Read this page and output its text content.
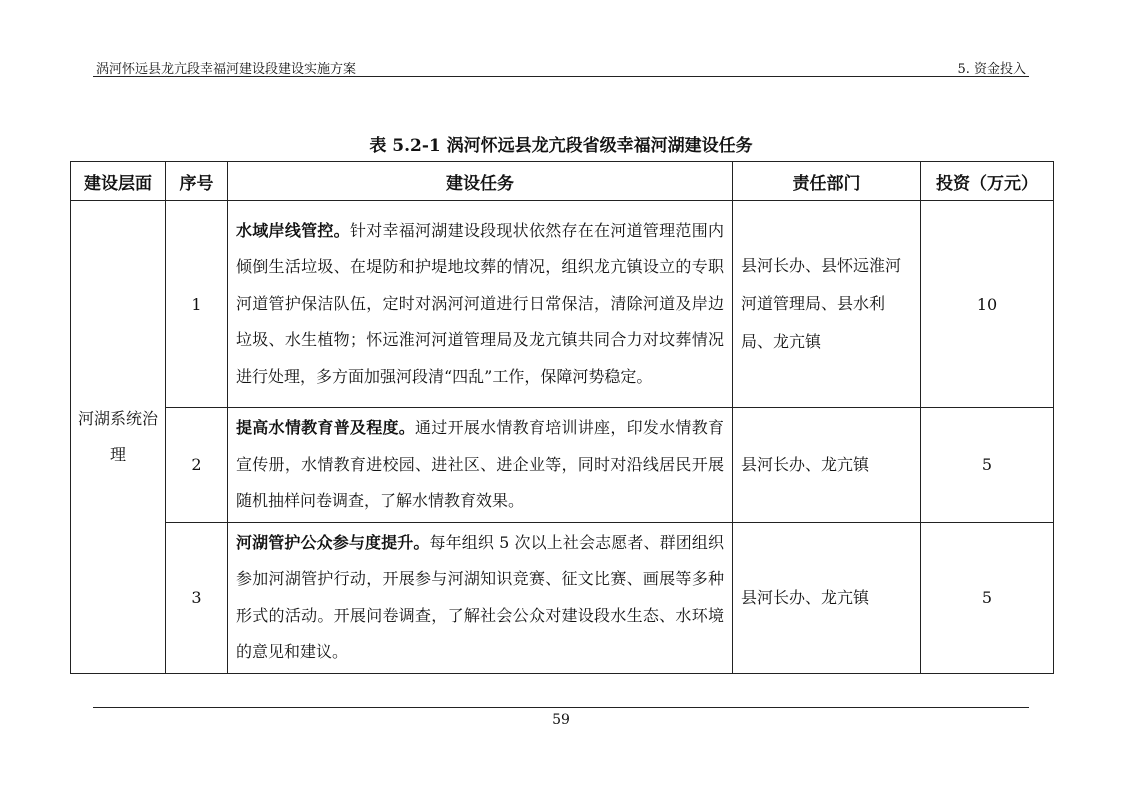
涡河怀远县龙亢段幸福河建设段建设实施方案	5. 资金投入
表 5.2-1 涡河怀远县龙亢段省级幸福河湖建设任务
建设层面	序号	建设任务	责任部门	投资（万元）
河湖系统治理	1	水域岸线管控。针对幸福河湖建设段现状依然存在在河道管理范围内倾倒生活垃圾、在堤防和护堤地坟葬的情况，组织龙亢镇设立的专职河道管护保洁队伍，定时对涡河河道进行日常保洁，清除河道及岸边垃圾、水生植物；怀远淮河河道管理局及龙亢镇共同合力对坟葬情况进行处理，多方面加强河段清“四乱”工作，保障河势稳定。	县河长办、县怀远淮河河道管理局、县水利局、龙亢镇	10
	2	提高水情教育普及程度。通过开展水情教育培训讲座，印发水情教育宣传册，水情教育进校园、进社区、进企业等，同时对沿线居民开展随机抽样问卷调查，了解水情教育效果。	县河长办、龙亢镇	5
	3	河湖管护公众参与度提升。每年组织 5 次以上社会志愿者、群团组织参加河湖管护行动，开展参与河湖知识竞赛、征文比赛、画展等多种形式的活动。开展问卷调查，了解社会公众对建设段水生态、水环境的意见和建议。	县河长办、龙亢镇	5
59
